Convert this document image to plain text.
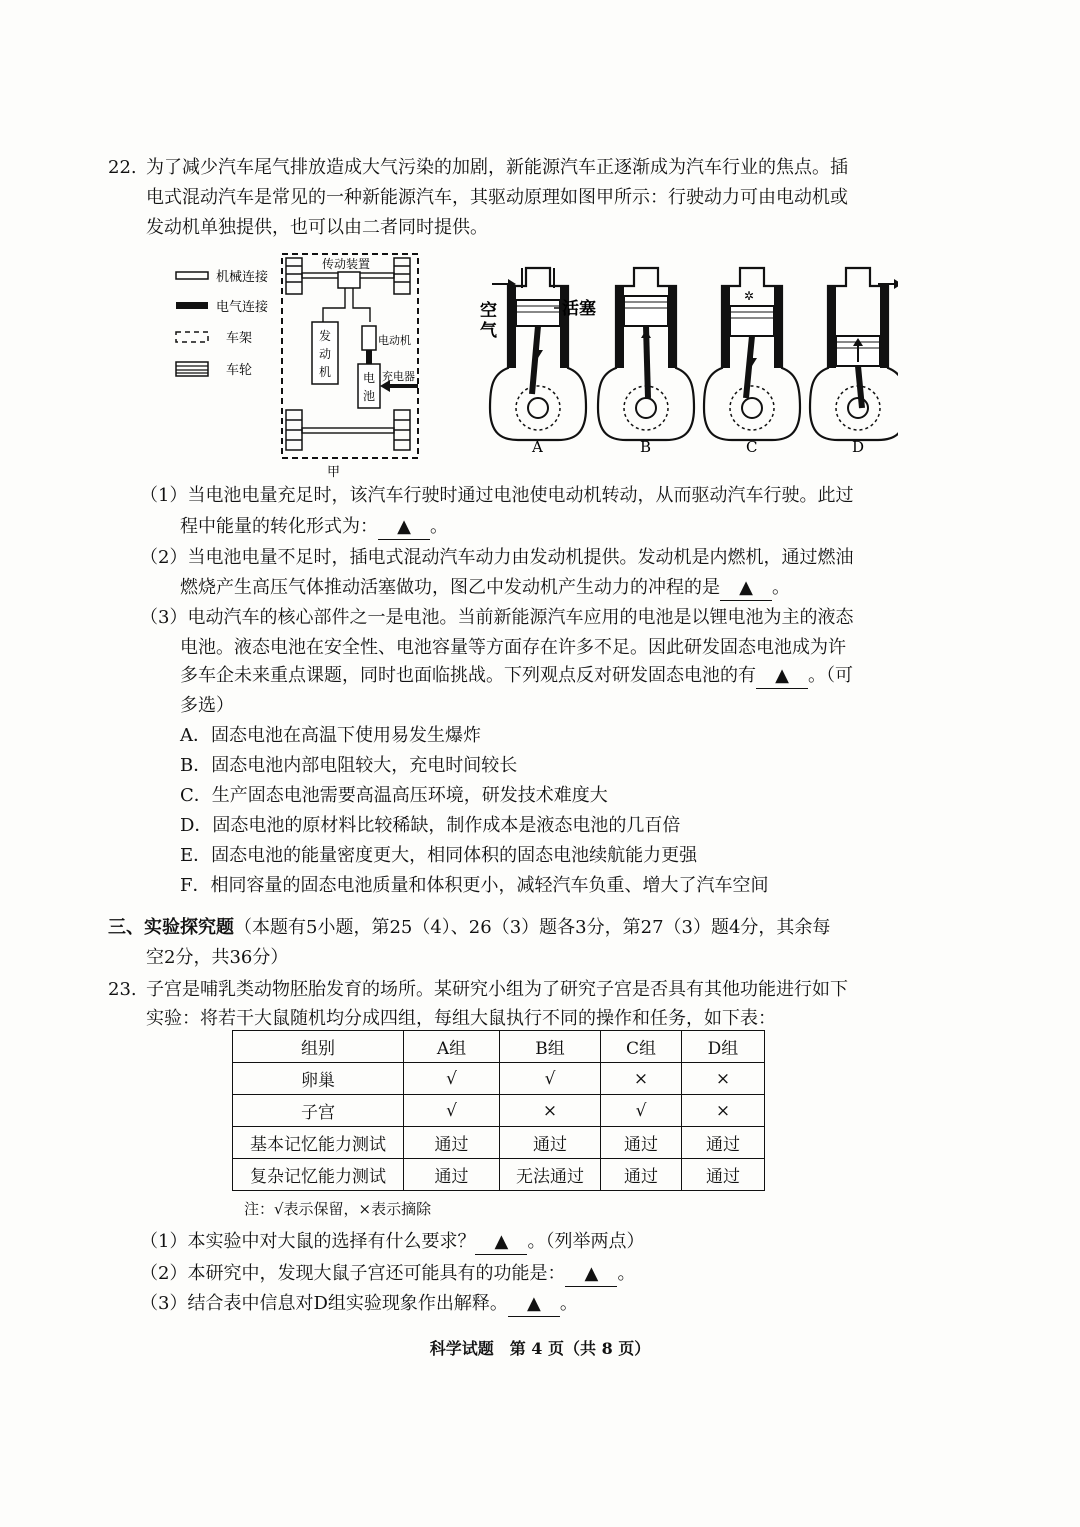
22. 为了减少汽车尾气排放造成大气污染的加剧，新能源汽车正逐渐成为汽车行业的焦点。插
电式混动汽车是常见的一种新能源汽车，其驱动原理如图甲所示：行驶动力可由电动机或
发动机单独提供，也可以由二者同时提供。
机械连接
电气连接
车架
车轮
传动装置
发动机
电动机
电池
充电器
甲
空
气
活塞
A	B
✲
C	D
（1）当电池电量充足时，该汽车行驶时通过电池使电动机转动，从而驱动汽车行驶。此过
程中能量的转化形式为： ▲ 。
（2）当电池电量不足时，插电式混动汽车动力由发动机提供。发动机是内燃机，通过燃油
燃烧产生高压气体推动活塞做功，图乙中发动机产生动力的冲程的是 ▲ 。
（3）电动汽车的核心部件之一是电池。当前新能源汽车应用的电池是以锂电池为主的液态
电池。液态电池在安全性、电池容量等方面存在许多不足。因此研发固态电池成为许
多车企未来重点课题，同时也面临挑战。下列观点反对研发固态电池的有 ▲ 。（可
多选）
A．固态电池在高温下使用易发生爆炸
B．固态电池内部电阻较大，充电时间较长
C．生产固态电池需要高温高压环境，研发技术难度大
D．固态电池的原材料比较稀缺，制作成本是液态电池的几百倍
E．固态电池的能量密度更大，相同体积的固态电池续航能力更强
F．相同容量的固态电池质量和体积更小，减轻汽车负重、增大了汽车空间
三、实验探究题（本题有5小题，第25（4）、26（3）题各3分，第27（3）题4分，其余每
空2分，共36分）
23. 子宫是哺乳类动物胚胎发育的场所。某研究小组为了研究子宫是否具有其他功能进行如下
实验：将若干大鼠随机均分成四组，每组大鼠执行不同的操作和任务，如下表：
组别	A组	B组	C组	D组
卵巢	√	√	×	×
子宫	√	×	√	×
基本记忆能力测试	通过	通过	通过	通过
复杂记忆能力测试	通过	无法通过	通过	通过
注：√表示保留，×表示摘除
（1）本实验中对大鼠的选择有什么要求？ ▲ 。（列举两点）
（2）本研究中，发现大鼠子宫还可能具有的功能是： ▲ 。
（3）结合表中信息对D组实验现象作出解释。 ▲ 。
科学试题　第 4 页（共 8 页）
